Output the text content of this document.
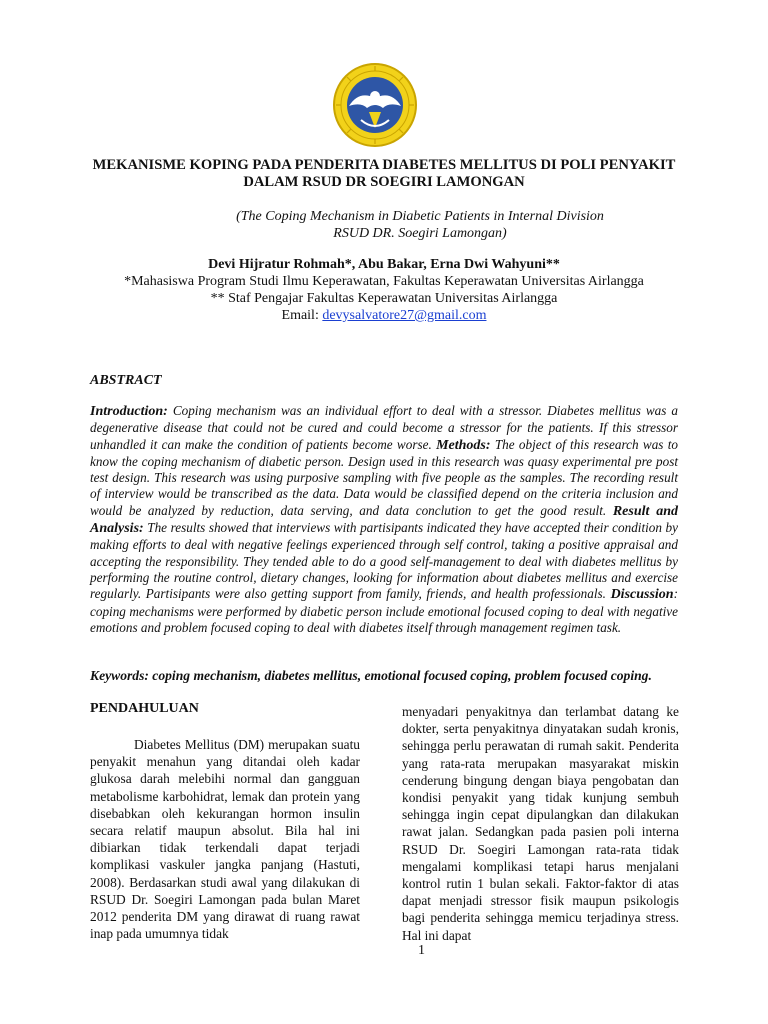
MEKANISME KOPING PADA PENDERITA DIABETES MELLITUS DI POLI PENYAKIT
DALAM RSUD DR SOEGIRI LAMONGAN
(The Coping Mechanism in Diabetic Patients in Internal Division
RSUD DR. Soegiri Lamongan)
Devi Hijratur Rohmah*, Abu Bakar, Erna Dwi Wahyuni**
*Mahasiswa Program Studi Ilmu Keperawatan, Fakultas Keperawatan Universitas Airlangga
** Staf Pengajar Fakultas Keperawatan Universitas Airlangga
Email: devysalvatore27@gmail.com
ABSTRACT
Introduction: Coping mechanism was an individual effort to deal with a stressor. Diabetes mellitus was a degenerative disease that could not be cured and could become a stressor for the patients. If this stressor unhandled it can make the condition of patients become worse. Methods: The object of this research was to know the coping mechanism of diabetic person. Design used in this research was quasy experimental pre post test design. This research was using purposive sampling with five people as the samples. The recording result of interview would be transcribed as the data. Data would be classified depend on the criteria inclusion and would be analyzed by reduction, data serving, and data conclution to get the good result. Result and Analysis: The results showed that interviews with partisipants indicated they have accepted their condition by making efforts to deal with negative feelings experienced through self control, taking a positive appraisal and accepting the responsibility. They tended able to do a good self-management to deal with diabetes mellitus by performing the routine control, dietary changes, looking for information about diabetes mellitus and exercise regularly. Partisipants were also getting support from family, friends, and health professionals. Discussion: coping mechanisms were performed by diabetic person include emotional focused coping to deal with negative emotions and problem focused coping to deal with diabetes itself through management regimen task.
Keywords: coping mechanism, diabetes mellitus, emotional focused coping, problem focused coping.
PENDAHULUAN

Diabetes Mellitus (DM) merupakan suatu penyakit menahun yang ditandai oleh kadar glukosa darah melebihi normal dan gangguan metabolisme karbohidrat, lemak dan protein yang disebabkan oleh kekurangan hormon insulin secara relatif maupun absolut. Bila hal ini dibiarkan tidak terkendali dapat terjadi komplikasi vaskuler jangka panjang (Hastuti, 2008). Berdasarkan studi awal yang dilakukan di RSUD Dr. Soegiri Lamongan pada bulan Maret 2012 penderita DM yang dirawat di ruang rawat inap pada umumnya tidak

menyadari penyakitnya dan terlambat datang ke dokter, serta penyakitnya dinyatakan sudah kronis, sehingga perlu perawatan di rumah sakit. Penderita yang rata-rata merupakan masyarakat miskin cenderung bingung dengan biaya pengobatan dan kondisi penyakit yang tidak kunjung sembuh sehingga ingin cepat dipulangkan dan dilakukan rawat jalan. Sedangkan pada pasien poli interna RSUD Dr. Soegiri Lamongan rata-rata tidak mengalami komplikasi tetapi harus menjalani kontrol rutin 1 bulan sekali. Faktor-faktor di atas dapat menjadi stressor fisik maupun psikologis bagi penderita sehingga memicu terjadinya stress. Hal ini dapat

1
